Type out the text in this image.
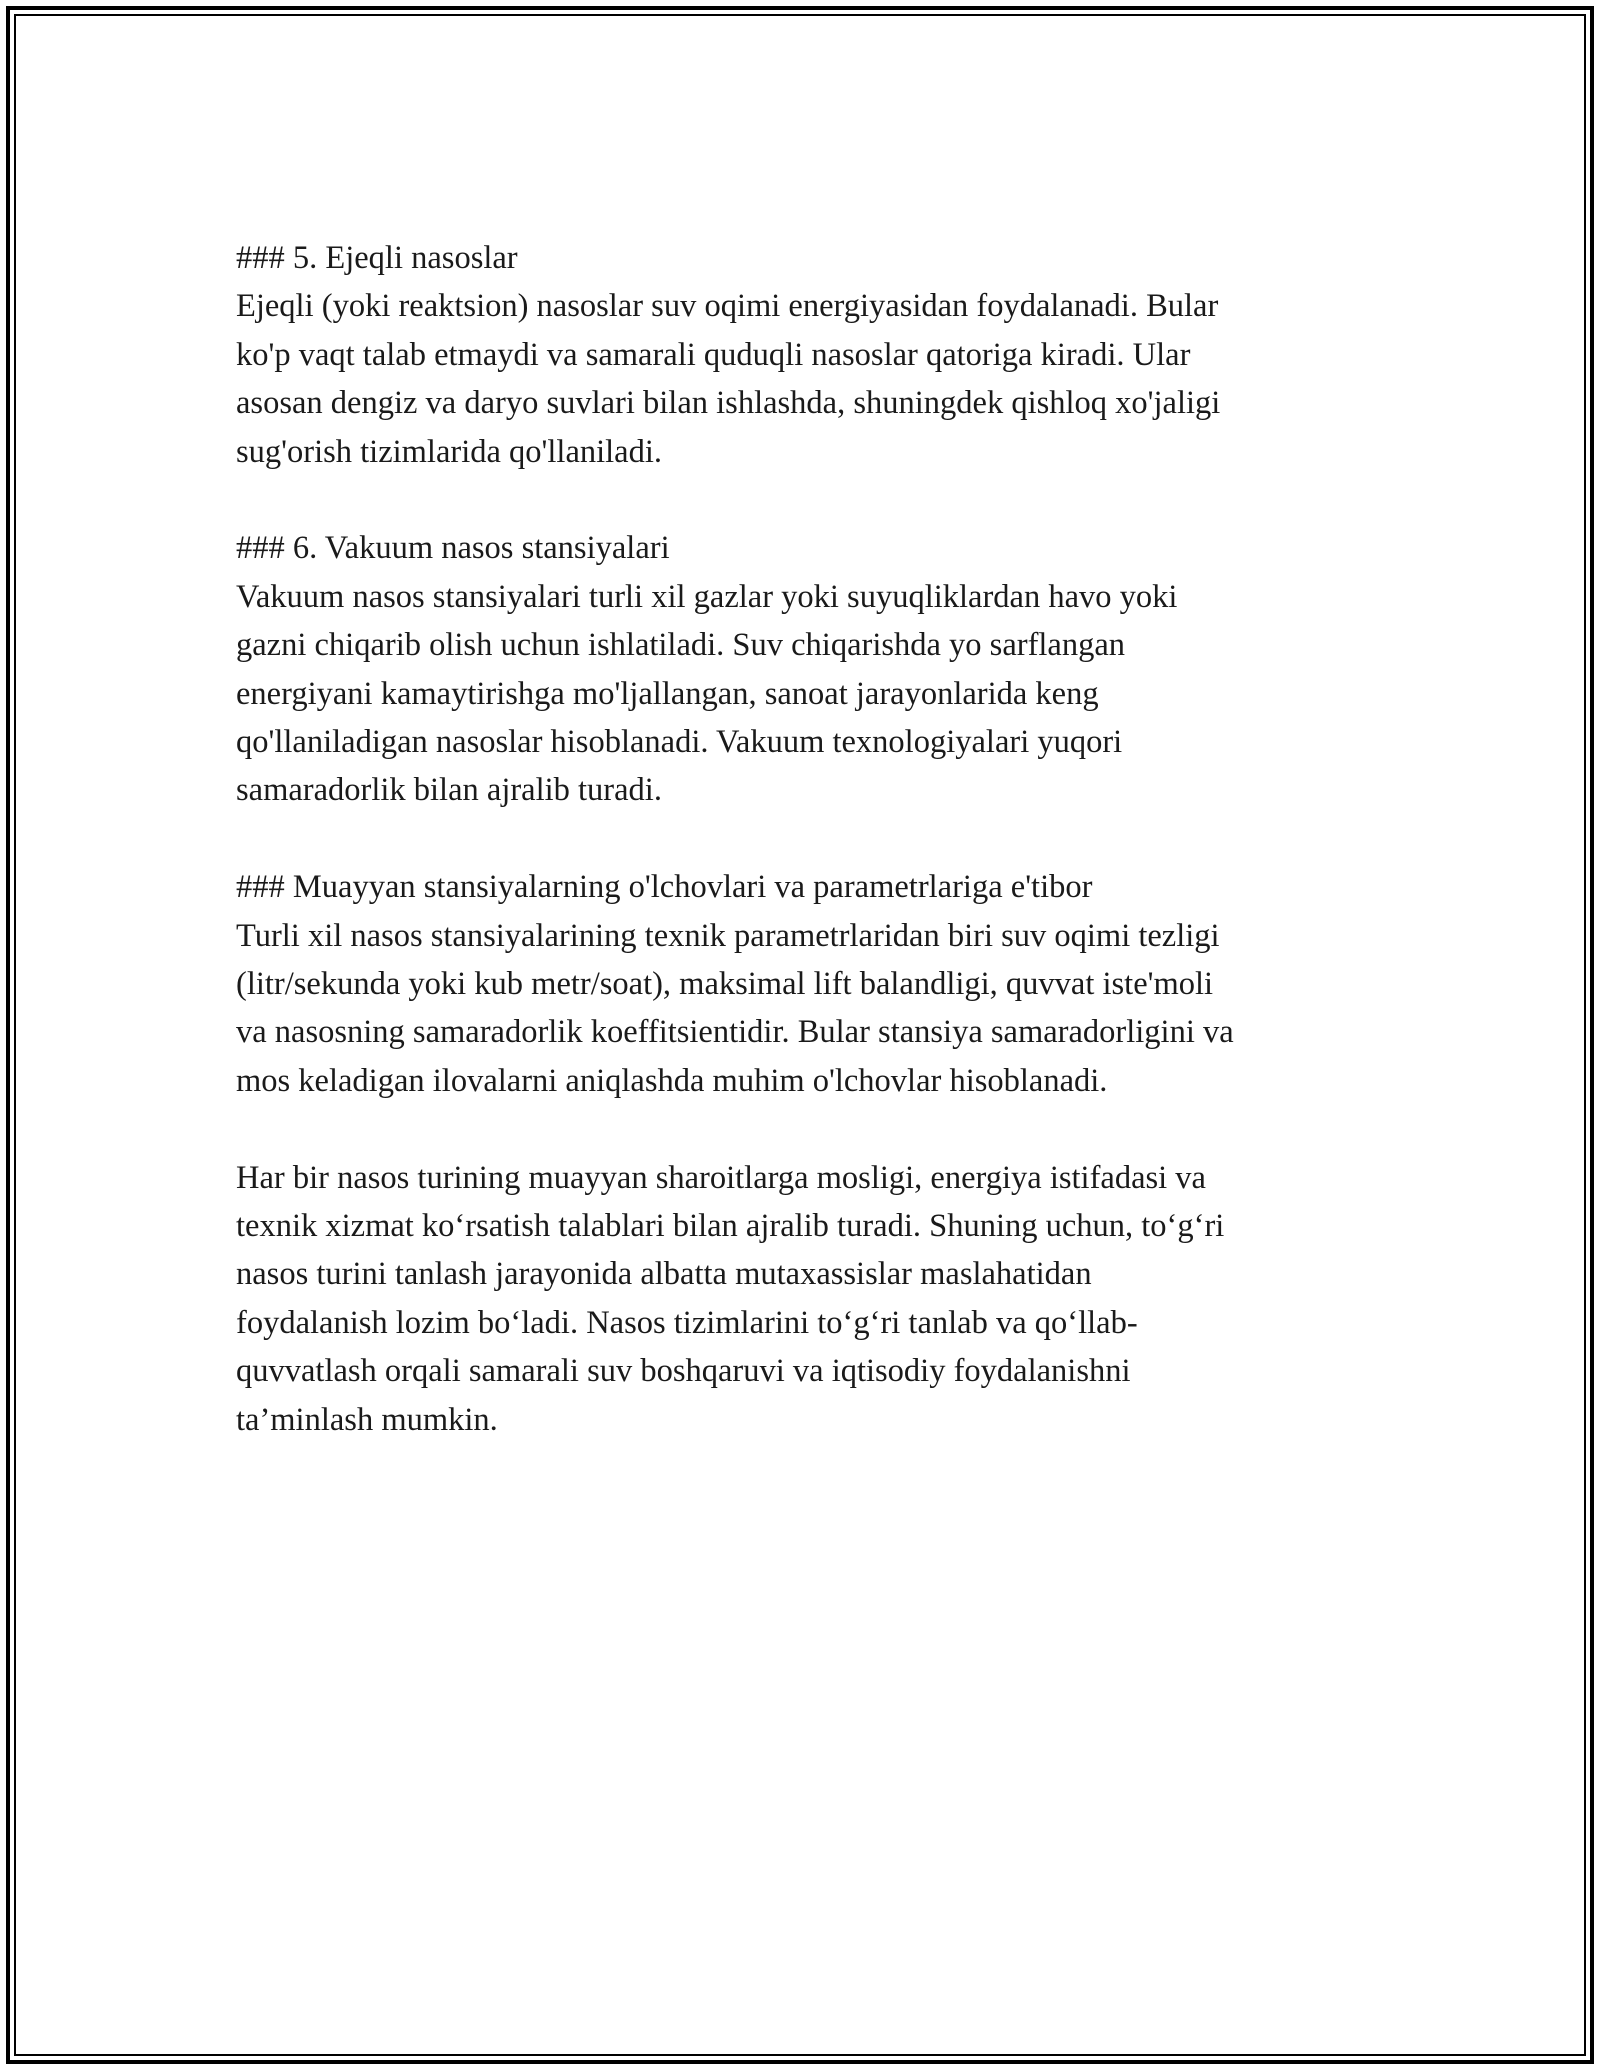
### 5. Ejeqli nasoslar

Ejeqli (yoki reaktsion) nasoslar suv oqimi energiyasidan foydalanadi. Bular

ko'p vaqt talab etmaydi va samarali quduqli nasoslar qatoriga kiradi. Ular

asosan dengiz va daryo suvlari bilan ishlashda, shuningdek qishloq xo'jaligi

sug'orish tizimlarida qo'llaniladi.

### 6. Vakuum nasos stansiyalari

Vakuum nasos stansiyalari turli xil gazlar yoki suyuqliklardan havo yoki

gazni chiqarib olish uchun ishlatiladi. Suv chiqarishda yo sarflangan

energiyani kamaytirishga mo'ljallangan, sanoat jarayonlarida keng

qo'llaniladigan nasoslar hisoblanadi. Vakuum texnologiyalari yuqori

samaradorlik bilan ajralib turadi.

### Muayyan stansiyalarning o'lchovlari va parametrlariga e'tibor

Turli xil nasos stansiyalarining texnik parametrlaridan biri suv oqimi tezligi

(litr/sekunda yoki kub metr/soat), maksimal lift balandligi, quvvat iste'moli

va nasosning samaradorlik koeffitsientidir. Bular stansiya samaradorligini va

mos keladigan ilovalarni aniqlashda muhim o'lchovlar hisoblanadi.

Har bir nasos turining muayyan sharoitlarga mosligi, energiya istifadasi va

texnik xizmat ko‘rsatish talablari bilan ajralib turadi. Shuning uchun, to‘g‘ri

nasos turini tanlash jarayonida albatta mutaxassislar maslahatidan

foydalanish lozim bo‘ladi. Nasos tizimlarini to‘g‘ri tanlab va qo‘llab-

quvvatlash orqali samarali suv boshqaruvi va iqtisodiy foydalanishni

ta’minlash mumkin.
